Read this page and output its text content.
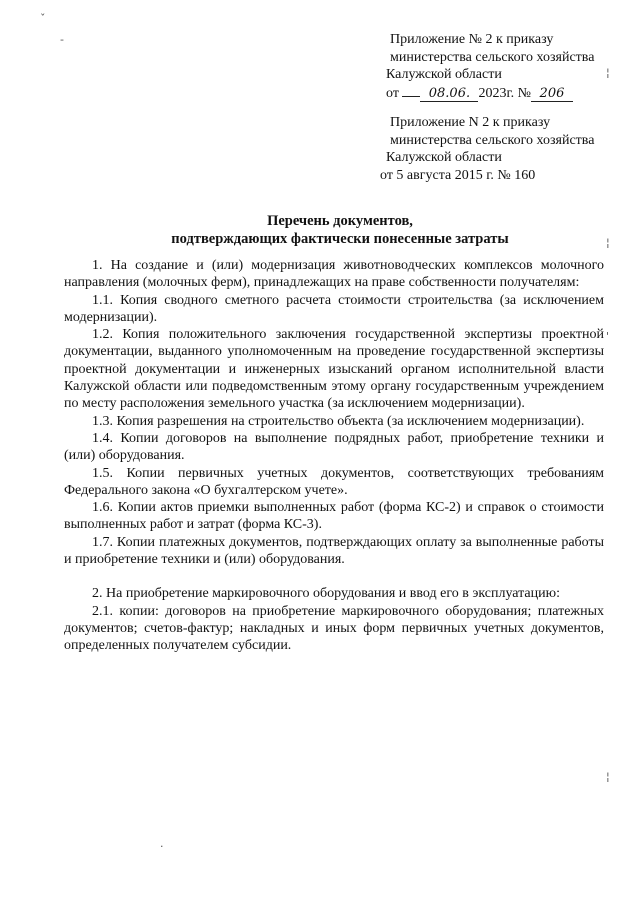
ˇ
-
¦
¦
'
¦
·
Приложение № 2 к приказу
министерства сельского хозяйства
Калужской области
от 08.06. 2023г. № 206
Приложение N 2 к приказу
министерства сельского хозяйства
Калужской области
от 5 августа 2015 г. № 160
Перечень документов,
подтверждающих фактически понесенные затраты

1. На создание и (или) модернизация животноводческих комплексов молочного направления (молочных ферм), принадлежащих на праве собственности получателям:

1.1. Копия сводного сметного расчета стоимости строительства (за исключением модернизации).

1.2. Копия положительного заключения государственной экспертизы проектной документации, выданного уполномоченным на проведение государственной экспертизы проектной документации и инженерных изысканий органом исполнительной власти Калужской области или подведомственным этому органу государственным учреждением по месту расположения земельного участка (за исключением модернизации).

1.3. Копия разрешения на строительство объекта (за исключением модернизации).

1.4. Копии договоров на выполнение подрядных работ, приобретение техники и (или) оборудования.

1.5. Копии первичных учетных документов, соответствующих требованиям Федерального закона «О бухгалтерском учете».

1.6. Копии актов приемки выполненных работ (форма КС-2) и справок о стоимости выполненных работ и затрат (форма КС-3).

1.7. Копии платежных документов, подтверждающих оплату за выполненные работы и приобретение техники и (или) оборудования.

2. На приобретение маркировочного оборудования и ввод его в эксплуатацию:

2.1. копии: договоров на приобретение маркировочного оборудования; платежных документов; счетов-фактур; накладных и иных форм первичных учетных документов, определенных получателем субсидии.
